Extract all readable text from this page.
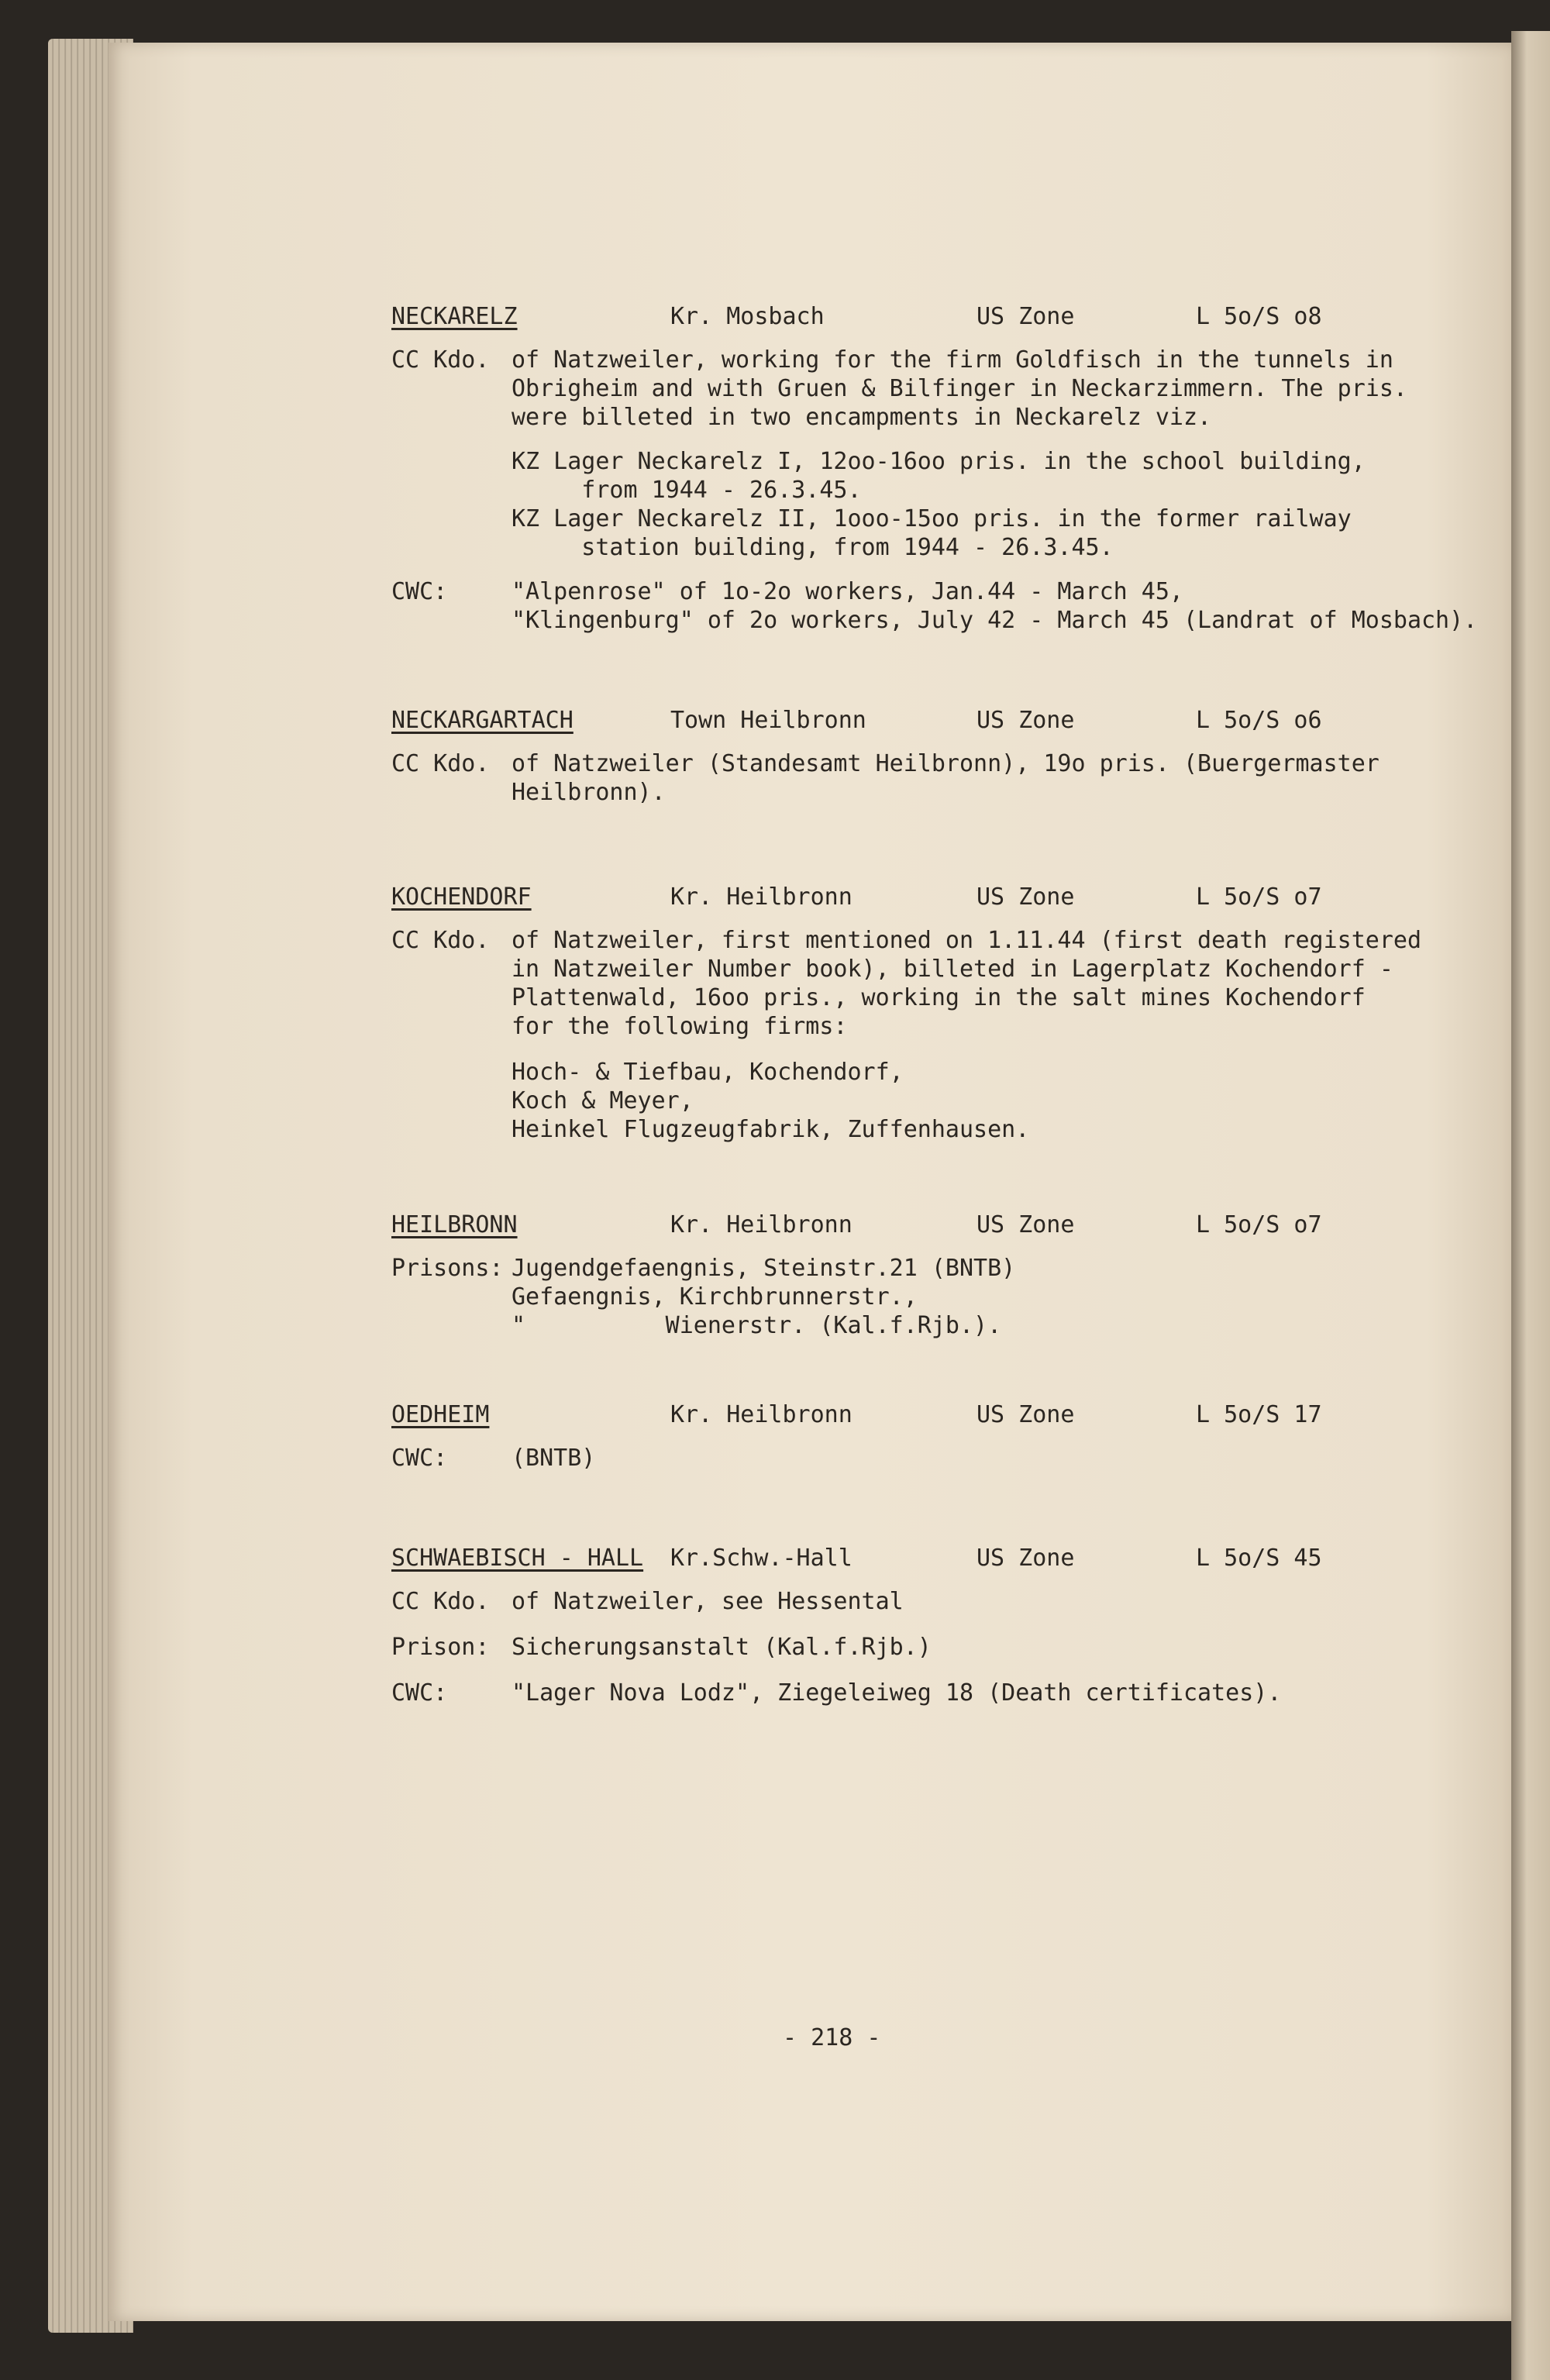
NECKARELZ	Kr. Mosbach	US Zone	L 5o/S o8
CC Kdo. of Natzweiler, working for the firm Goldfisch in the tunnels in
Obrigheim and with Gruen & Bilfinger in Neckarzimmern. The pris.
were billeted in two encampments in Neckarelz viz.
KZ Lager Neckarelz I, 12oo-16oo pris. in the school building,
from 1944 - 26.3.45.
KZ Lager Neckarelz II, 1ooo-15oo pris. in the former railway
station building, from 1944 - 26.3.45.
CWC:	"Alpenrose" of 1o-2o workers, Jan.44 - March 45,
"Klingenburg" of 2o workers, July 42 - March 45 (Landrat of Mosbach).
NECKARGARTACH	Town Heilbronn	US Zone	L 5o/S o6
CC Kdo. of Natzweiler (Standesamt Heilbronn), 19o pris. (Buergermaster
Heilbronn).
KOCHENDORF	Kr. Heilbronn	US Zone	L 5o/S o7
CC Kdo. of Natzweiler, first mentioned on 1.11.44 (first death registered
in Natzweiler Number book), billeted in Lagerplatz Kochendorf -
Plattenwald, 16oo pris., working in the salt mines Kochendorf
for the following firms:
Hoch- & Tiefbau, Kochendorf,
Koch & Meyer,
Heinkel Flugzeugfabrik, Zuffenhausen.
HEILBRONN	Kr. Heilbronn	US Zone	L 5o/S o7
Prisons: Jugendgefaengnis, Steinstr.21 (BNTB)
Gefaengnis, Kirchbrunnerstr.,
"          Wienerstr. (Kal.f.Rjb.).
OEDHEIM	Kr. Heilbronn	US Zone	L 5o/S 17
CWC:	(BNTB)
SCHWAEBISCH - HALL Kr.Schw.-Hall	US Zone	L 5o/S 45
CC Kdo. of Natzweiler, see Hessental
Prison: Sicherungsanstalt (Kal.f.Rjb.)
CWC:	"Lager Nova Lodz", Ziegeleiweg 18 (Death certificates).
- 218 -
